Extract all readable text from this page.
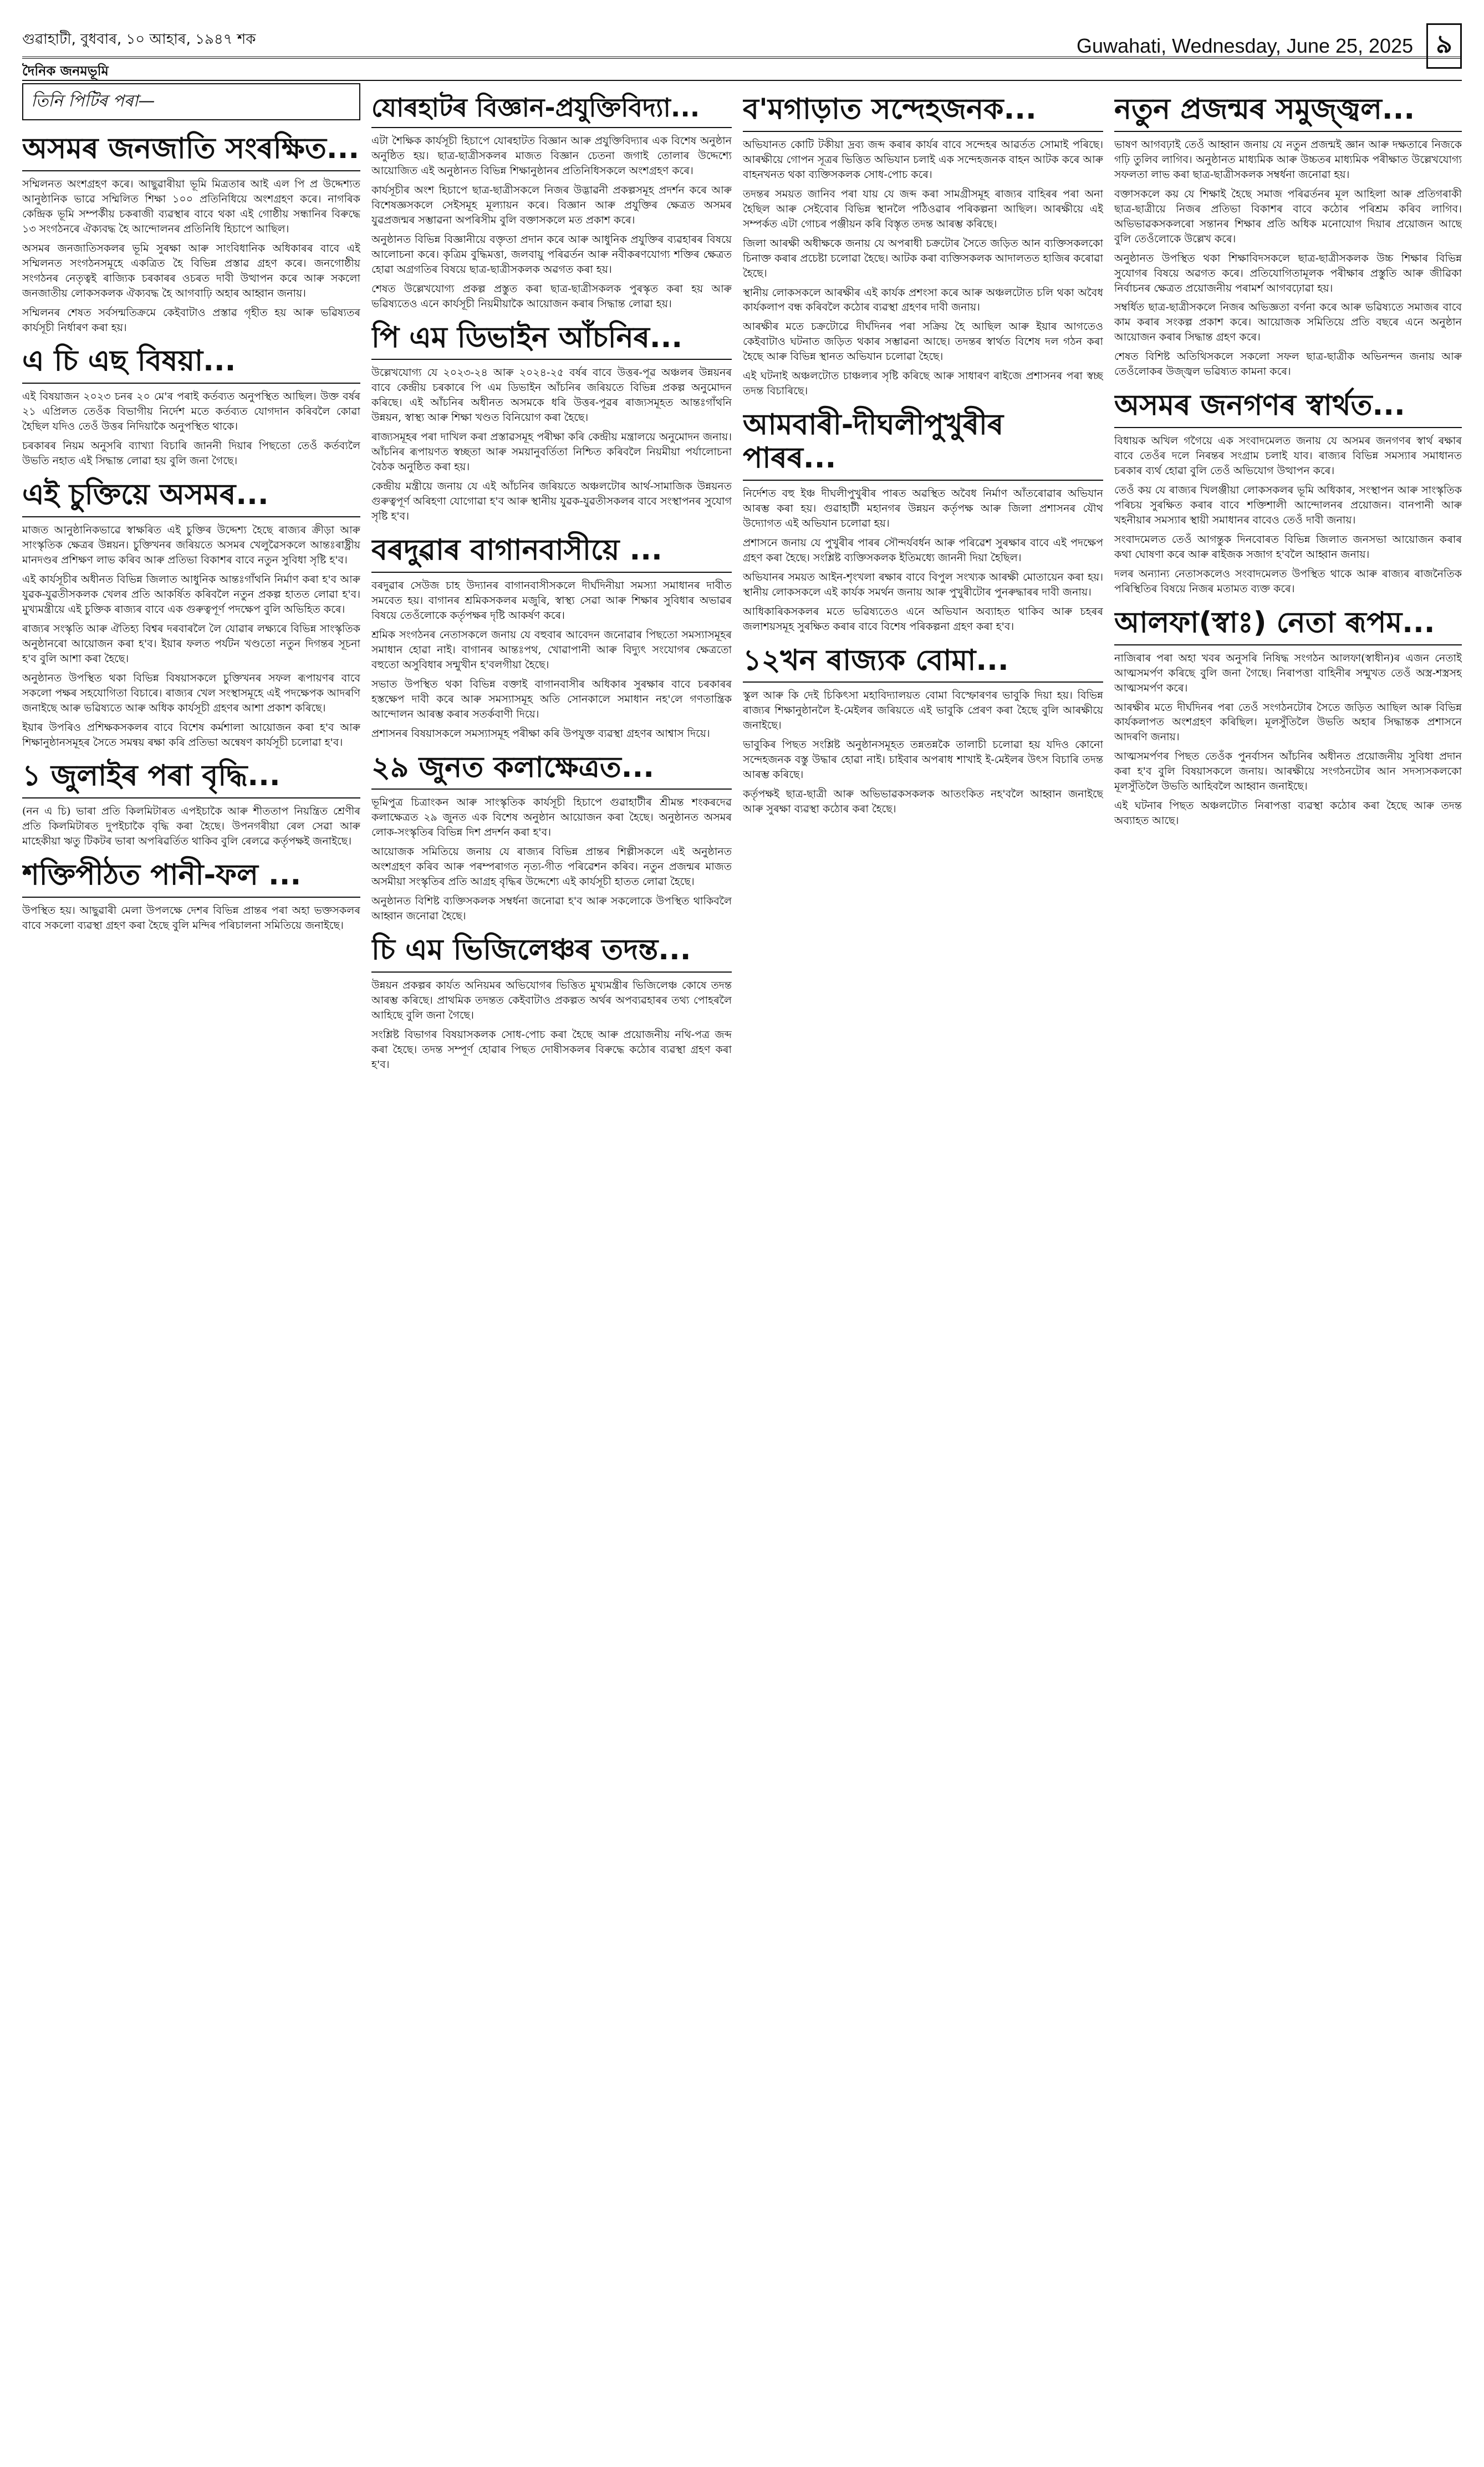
গুৱাহাটী, বুধবাৰ, ১০ আহাৰ, ১৯৪৭ শক	Guwahati, Wednesday, June 25, 2025 ৯
দৈনিক জনমভূমি
তিনি পিটিৰ পৰা—
অসমৰ জনজাতি সংৰক্ষিত...

সম্মিলনত অংশগ্ৰহণ কৰে। আছুৱাৰীয়া ভূমি মিত্ৰতাৰ আই এল পি প্ৰ উদ্দেশ্যত আনুষ্ঠানিক ভাৱে সম্মিলিত শিক্ষা ১০০ প্ৰতিনিধিয়ে অংশগ্ৰহণ কৰে। নাগৰিক কেন্দ্ৰিক ভূমি সম্পৰ্কীয় চকৰাজী ব্যৱস্থাৰ বাবে থকা এই গোষ্ঠীয় সন্ধানিৰ বিৰুদ্ধে ১৩ সংগঠনৰে ঐক্যবদ্ধ হৈ আন্দোলনৰ প্ৰতিনিধি হিচাপে আছিল।

অসমৰ জনজাতিসকলৰ ভূমি সুৰক্ষা আৰু সাংবিধানিক অধিকাৰৰ বাবে এই সম্মিলনত সংগঠনসমূহে একত্ৰিত হৈ বিভিন্ন প্ৰস্তাৱ গ্ৰহণ কৰে। জনগোষ্ঠীয় সংগঠনৰ নেতৃত্বই ৰাজ্যিক চৰকাৰৰ ওচৰত দাবী উত্থাপন কৰে আৰু সকলো জনজাতীয় লোকসকলক ঐক্যবদ্ধ হৈ আগবাঢ়ি অহাৰ আহ্বান জনায়।

সম্মিলনৰ শেষত সৰ্বসন্মতিক্ৰমে কেইবাটাও প্ৰস্তাৱ গৃহীত হয় আৰু ভৱিষ্যতৰ কাৰ্যসূচী নিৰ্ধাৰণ কৰা হয়।

এ চি এছ বিষয়া...

এই বিষয়াজন ২০২৩ চনৰ ২০ মে'ৰ পৰাই কৰ্তব্যত অনুপস্থিত আছিল। উক্ত বৰ্ষৰ ২১ এপ্ৰিলত তেওঁক বিভাগীয় নিৰ্দেশ মতে কৰ্তব্যত যোগদান কৰিবলৈ কোৱা হৈছিল যদিও তেওঁ উত্তৰ নিদিয়াকৈ অনুপস্থিত থাকে।

চৰকাৰৰ নিয়ম অনুসৰি ব্যাখ্যা বিচাৰি জাননী দিয়াৰ পিছতো তেওঁ কৰ্তব্যলৈ উভতি নহাত এই সিদ্ধান্ত লোৱা হয় বুলি জনা গৈছে।

এই চুক্তিয়ে অসমৰ...

মাজত আনুষ্ঠানিকভাৱে স্বাক্ষৰিত এই চুক্তিৰ উদ্দেশ্য হৈছে ৰাজ্যৰ ক্ৰীড়া আৰু সাংস্কৃতিক ক্ষেত্ৰৰ উন্নয়ন। চুক্তিখনৰ জৰিয়তে অসমৰ খেলুৱৈসকলে আন্তঃৰাষ্ট্ৰীয় মানদণ্ডৰ প্ৰশিক্ষণ লাভ কৰিব আৰু প্ৰতিভা বিকাশৰ বাবে নতুন সুবিধা সৃষ্টি হ'ব।

এই কাৰ্যসূচীৰ অধীনত বিভিন্ন জিলাত আধুনিক আন্তঃগাঁথনি নিৰ্মাণ কৰা হ'ব আৰু যুৱক-যুৱতীসকলক খেলৰ প্ৰতি আকৰ্ষিত কৰিবলৈ নতুন প্ৰকল্প হাতত লোৱা হ'ব। মুখ্যমন্ত্ৰীয়ে এই চুক্তিক ৰাজ্যৰ বাবে এক গুৰুত্বপূৰ্ণ পদক্ষেপ বুলি অভিহিত কৰে।

ৰাজ্যৰ সংস্কৃতি আৰু ঐতিহ্য বিশ্বৰ দৰবাৰলৈ লৈ যোৱাৰ লক্ষ্যৰে বিভিন্ন সাংস্কৃতিক অনুষ্ঠানৰো আয়োজন কৰা হ'ব। ইয়াৰ ফলত পৰ্যটন খণ্ডতো নতুন দিগন্তৰ সূচনা হ'ব বুলি আশা কৰা হৈছে।

অনুষ্ঠানত উপস্থিত থকা বিভিন্ন বিষয়াসকলে চুক্তিখনৰ সফল ৰূপায়ণৰ বাবে সকলো পক্ষৰ সহযোগিতা বিচাৰে। ৰাজ্যৰ খেল সংস্থাসমূহে এই পদক্ষেপক আদৰণি জনাইছে আৰু ভৱিষ্যতে আৰু অধিক কাৰ্যসূচী গ্ৰহণৰ আশা প্ৰকাশ কৰিছে।

ইয়াৰ উপৰিও প্ৰশিক্ষকসকলৰ বাবে বিশেষ কৰ্মশালা আয়োজন কৰা হ'ব আৰু শিক্ষানুষ্ঠানসমূহৰ সৈতে সমন্বয় ৰক্ষা কৰি প্ৰতিভা অন্বেষণ কাৰ্যসূচী চলোৱা হ'ব।

১ জুলাইৰ পৰা বৃদ্ধি...

(নন এ চি) ভাৰা প্ৰতি কিলমিটাৰত এপইচাকৈ আৰু শীততাপ নিয়ন্ত্ৰিত শ্ৰেণীৰ প্ৰতি কিলমিটাৰত দুপইচাকৈ বৃদ্ধি কৰা হৈছে। উপনগৰীয়া ৰেল সেৱা আৰু মাহেকীয়া ঋতু টিকটৰ ভাৰা অপৰিৱৰ্তিত থাকিব বুলি ৰেলৱে কৰ্তৃপক্ষই জনাইছে।

শক্তিপীঠত পানী-ফল ...

উপস্থিত হয়। আছুৱাৰী মেলা উপলক্ষে দেশৰ বিভিন্ন প্ৰান্তৰ পৰা অহা ভক্তসকলৰ বাবে সকলো ব্যৱস্থা গ্ৰহণ কৰা হৈছে বুলি মন্দিৰ পৰিচালনা সমিতিয়ে জনাইছে।

যোৰহাটৰ বিজ্ঞান-প্ৰযুক্তিবিদ্যা...

এটা শৈক্ষিক কাৰ্যসূচী হিচাপে যোৰহাটত বিজ্ঞান আৰু প্ৰযুক্তিবিদ্যাৰ এক বিশেষ অনুষ্ঠান অনুষ্ঠিত হয়। ছাত্ৰ-ছাত্ৰীসকলৰ মাজত বিজ্ঞান চেতনা জগাই তোলাৰ উদ্দেশ্যে আয়োজিত এই অনুষ্ঠানত বিভিন্ন শিক্ষানুষ্ঠানৰ প্ৰতিনিধিসকলে অংশগ্ৰহণ কৰে।

কাৰ্যসূচীৰ অংশ হিচাপে ছাত্ৰ-ছাত্ৰীসকলে নিজৰ উদ্ভাৱনী প্ৰকল্পসমূহ প্ৰদৰ্শন কৰে আৰু বিশেষজ্ঞসকলে সেইসমূহ মূল্যায়ন কৰে। বিজ্ঞান আৰু প্ৰযুক্তিৰ ক্ষেত্ৰত অসমৰ যুৱপ্ৰজন্মৰ সম্ভাৱনা অপৰিসীম বুলি বক্তাসকলে মত প্ৰকাশ কৰে।

অনুষ্ঠানত বিভিন্ন বিজ্ঞানীয়ে বক্তৃতা প্ৰদান কৰে আৰু আধুনিক প্ৰযুক্তিৰ ব্যৱহাৰৰ বিষয়ে আলোচনা কৰে। কৃত্ৰিম বুদ্ধিমত্তা, জলবায়ু পৰিৱৰ্তন আৰু নবীকৰণযোগ্য শক্তিৰ ক্ষেত্ৰত হোৱা অগ্ৰগতিৰ বিষয়ে ছাত্ৰ-ছাত্ৰীসকলক অৱগত কৰা হয়।

শেষত উল্লেখযোগ্য প্ৰকল্প প্ৰস্তুত কৰা ছাত্ৰ-ছাত্ৰীসকলক পুৰস্কৃত কৰা হয় আৰু ভৱিষ্যতেও এনে কাৰ্যসূচী নিয়মীয়াকৈ আয়োজন কৰাৰ সিদ্ধান্ত লোৱা হয়।

পি এম ডিভাইন আঁচনিৰ...

উল্লেখযোগ্য যে ২০২৩-২৪ আৰু ২০২৪-২৫ বৰ্ষৰ বাবে উত্তৰ-পূৱ অঞ্চলৰ উন্নয়নৰ বাবে কেন্দ্ৰীয় চৰকাৰে পি এম ডিভাইন আঁচনিৰ জৰিয়তে বিভিন্ন প্ৰকল্প অনুমোদন কৰিছে। এই আঁচনিৰ অধীনত অসমকে ধৰি উত্তৰ-পূৱৰ ৰাজ্যসমূহত আন্তঃগাঁথনি উন্নয়ন, স্বাস্থ্য আৰু শিক্ষা খণ্ডত বিনিয়োগ কৰা হৈছে।

ৰাজ্যসমূহৰ পৰা দাখিল কৰা প্ৰস্তাৱসমূহ পৰীক্ষা কৰি কেন্দ্ৰীয় মন্ত্ৰালয়ে অনুমোদন জনায়। আঁচনিৰ ৰূপায়ণত স্বচ্ছতা আৰু সময়ানুবৰ্তিতা নিশ্চিত কৰিবলৈ নিয়মীয়া পৰ্যালোচনা বৈঠক অনুষ্ঠিত কৰা হয়।

কেন্দ্ৰীয় মন্ত্ৰীয়ে জনায় যে এই আঁচনিৰ জৰিয়তে অঞ্চলটোৰ আৰ্থ-সামাজিক উন্নয়নত গুৰুত্বপূৰ্ণ অৰিহণা যোগোৱা হ'ব আৰু স্থানীয় যুৱক-যুৱতীসকলৰ বাবে সংস্থাপনৰ সুযোগ সৃষ্টি হ'ব।

বৰদুৱাৰ বাগানবাসীয়ে ...

বৰদুৱাৰ সেউজ চাহ উদ্যানৰ বাগানবাসীসকলে দীৰ্ঘদিনীয়া সমস্যা সমাধানৰ দাবীত সমবেত হয়। বাগানৰ শ্ৰমিকসকলৰ মজুৰি, স্বাস্থ্য সেৱা আৰু শিক্ষাৰ সুবিধাৰ অভাৱৰ বিষয়ে তেওঁলোকে কৰ্তৃপক্ষৰ দৃষ্টি আকৰ্ষণ কৰে।

শ্ৰমিক সংগঠনৰ নেতাসকলে জনায় যে বহুবাৰ আবেদন জনোৱাৰ পিছতো সমস্যাসমূহৰ সমাধান হোৱা নাই। বাগানৰ আন্তঃপথ, খোৱাপানী আৰু বিদ্যুৎ সংযোগৰ ক্ষেত্ৰতো বহুতো অসুবিধাৰ সন্মুখীন হ'বলগীয়া হৈছে।

সভাত উপস্থিত থকা বিভিন্ন বক্তাই বাগানবাসীৰ অধিকাৰ সুৰক্ষাৰ বাবে চৰকাৰৰ হস্তক্ষেপ দাবী কৰে আৰু সমস্যাসমূহ অতি সোনকালে সমাধান নহ'লে গণতান্ত্ৰিক আন্দোলন আৰম্ভ কৰাৰ সতৰ্কবাণী দিয়ে।

প্ৰশাসনৰ বিষয়াসকলে সমস্যাসমূহ পৰীক্ষা কৰি উপযুক্ত ব্যৱস্থা গ্ৰহণৰ আশ্বাস দিয়ে।

২৯ জুনত কলাক্ষেত্ৰত...

ভূমিপুত্ৰ চিত্ৰাংকন আৰু সাংস্কৃতিক কাৰ্যসূচী হিচাপে গুৱাহাটীৰ শ্ৰীমন্ত শংকৰদেৱ কলাক্ষেত্ৰত ২৯ জুনত এক বিশেষ অনুষ্ঠান আয়োজন কৰা হৈছে। অনুষ্ঠানত অসমৰ লোক-সংস্কৃতিৰ বিভিন্ন দিশ প্ৰদৰ্শন কৰা হ'ব।

আয়োজক সমিতিয়ে জনায় যে ৰাজ্যৰ বিভিন্ন প্ৰান্তৰ শিল্পীসকলে এই অনুষ্ঠানত অংশগ্ৰহণ কৰিব আৰু পৰম্পৰাগত নৃত্য-গীত পৰিৱেশন কৰিব। নতুন প্ৰজন্মৰ মাজত অসমীয়া সংস্কৃতিৰ প্ৰতি আগ্ৰহ বৃদ্ধিৰ উদ্দেশ্যে এই কাৰ্যসূচী হাতত লোৱা হৈছে।

অনুষ্ঠানত বিশিষ্ট ব্যক্তিসকলক সম্বৰ্ধনা জনোৱা হ'ব আৰু সকলোকে উপস্থিত থাকিবলৈ আহ্বান জনোৱা হৈছে।

চি এম ভিজিলেঞ্চৰ তদন্ত...

উন্নয়ন প্ৰকল্পৰ কাৰ্যত অনিয়মৰ অভিযোগৰ ভিত্তিত মুখ্যমন্ত্ৰীৰ ভিজিলেঞ্চ কোষে তদন্ত আৰম্ভ কৰিছে। প্ৰাথমিক তদন্তত কেইবাটাও প্ৰকল্পত অৰ্থৰ অপব্যৱহাৰৰ তথ্য পোহৰলৈ আহিছে বুলি জনা গৈছে।

সংশ্লিষ্ট বিভাগৰ বিষয়াসকলক সোধ-পোচ কৰা হৈছে আৰু প্ৰয়োজনীয় নথি-পত্ৰ জব্দ কৰা হৈছে। তদন্ত সম্পূৰ্ণ হোৱাৰ পিছত দোষীসকলৰ বিৰুদ্ধে কঠোৰ ব্যৱস্থা গ্ৰহণ কৰা হ'ব।

ব'মগাড়াত সন্দেহজনক...

অভিযানত কোটি টকীয়া দ্ৰব্য জব্দ কৰাৰ কাৰ্যৰ বাবে সন্দেহৰ আৱৰ্তত সোমাই পৰিছে। আৰক্ষীয়ে গোপন সূত্ৰৰ ভিত্তিত অভিযান চলাই এক সন্দেহজনক বাহন আটক কৰে আৰু বাহনখনত থকা ব্যক্তিসকলক সোধ-পোচ কৰে।

তদন্তৰ সময়ত জানিব পৰা যায় যে জব্দ কৰা সামগ্ৰীসমূহ ৰাজ্যৰ বাহিৰৰ পৰা অনা হৈছিল আৰু সেইবোৰ বিভিন্ন স্থানলৈ পঠিওৱাৰ পৰিকল্পনা আছিল। আৰক্ষীয়ে এই সম্পৰ্কত এটা গোচৰ পঞ্জীয়ন কৰি বিস্তৃত তদন্ত আৰম্ভ কৰিছে।

জিলা আৰক্ষী অধীক্ষকে জনায় যে অপৰাধী চক্ৰটোৰ সৈতে জড়িত আন ব্যক্তিসকলকো চিনাক্ত কৰাৰ প্ৰচেষ্টা চলোৱা হৈছে। আটক কৰা ব্যক্তিসকলক আদালতত হাজিৰ কৰোৱা হৈছে।

স্থানীয় লোকসকলে আৰক্ষীৰ এই কাৰ্যক প্ৰশংসা কৰে আৰু অঞ্চলটোত চলি থকা অবৈধ কাৰ্যকলাপ বন্ধ কৰিবলৈ কঠোৰ ব্যৱস্থা গ্ৰহণৰ দাবী জনায়।

আৰক্ষীৰ মতে চক্ৰটোৱে দীৰ্ঘদিনৰ পৰা সক্ৰিয় হৈ আছিল আৰু ইয়াৰ আগতেও কেইবাটাও ঘটনাত জড়িত থকাৰ সম্ভাৱনা আছে। তদন্তৰ স্বাৰ্থত বিশেষ দল গঠন কৰা হৈছে আৰু বিভিন্ন স্থানত অভিযান চলোৱা হৈছে।

এই ঘটনাই অঞ্চলটোত চাঞ্চল্যৰ সৃষ্টি কৰিছে আৰু সাধাৰণ ৰাইজে প্ৰশাসনৰ পৰা স্বচ্ছ তদন্ত বিচাৰিছে।

আমবাৰী-দীঘলীপুখুৰীৰ পাৰৰ...

নিৰ্দেশত বহু ইঞ্চ দীঘলীপুখুৰীৰ পাৰত অৱস্থিত অবৈধ নিৰ্মাণ আঁতৰোৱাৰ অভিযান আৰম্ভ কৰা হয়। গুৱাহাটী মহানগৰ উন্নয়ন কৰ্তৃপক্ষ আৰু জিলা প্ৰশাসনৰ যৌথ উদ্যোগত এই অভিযান চলোৱা হয়।

প্ৰশাসনে জনায় যে পুখুৰীৰ পাৰৰ সৌন্দৰ্যবৰ্ধন আৰু পৰিৱেশ সুৰক্ষাৰ বাবে এই পদক্ষেপ গ্ৰহণ কৰা হৈছে। সংশ্লিষ্ট ব্যক্তিসকলক ইতিমধ্যে জাননী দিয়া হৈছিল।

অভিযানৰ সময়ত আইন-শৃংখলা ৰক্ষাৰ বাবে বিপুল সংখ্যক আৰক্ষী মোতায়েন কৰা হয়। স্থানীয় লোকসকলে এই কাৰ্যক সমৰ্থন জনায় আৰু পুখুৰীটোৰ পুনৰুদ্ধাৰৰ দাবী জনায়।

আধিকাৰিকসকলৰ মতে ভৱিষ্যতেও এনে অভিযান অব্যাহত থাকিব আৰু চহৰৰ জলাশয়সমূহ সুৰক্ষিত কৰাৰ বাবে বিশেষ পৰিকল্পনা গ্ৰহণ কৰা হ'ব।

১২খন ৰাজ্যক বোমা...

স্কুল আৰু কি দেই চিকিৎসা মহাবিদ্যালয়ত বোমা বিস্ফোৰণৰ ভাবুকি দিয়া হয়। বিভিন্ন ৰাজ্যৰ শিক্ষানুষ্ঠানলৈ ই-মেইলৰ জৰিয়তে এই ভাবুকি প্ৰেৰণ কৰা হৈছে বুলি আৰক্ষীয়ে জনাইছে।

ভাবুকিৰ পিছত সংশ্লিষ্ট অনুষ্ঠানসমূহত তন্নতন্নকৈ তালাচী চলোৱা হয় যদিও কোনো সন্দেহজনক বস্তু উদ্ধাৰ হোৱা নাই। চাইবাৰ অপৰাধ শাখাই ই-মেইলৰ উৎস বিচাৰি তদন্ত আৰম্ভ কৰিছে।

কৰ্তৃপক্ষই ছাত্ৰ-ছাত্ৰী আৰু অভিভাৱকসকলক আতংকিত নহ'বলৈ আহ্বান জনাইছে আৰু সুৰক্ষা ব্যৱস্থা কঠোৰ কৰা হৈছে।

নতুন প্ৰজন্মৰ সমুজ্জ্বল...

ভাষণ আগবঢ়াই তেওঁ আহ্বান জনায় যে নতুন প্ৰজন্মই জ্ঞান আৰু দক্ষতাৰে নিজকে গঢ়ি তুলিব লাগিব। অনুষ্ঠানত মাধ্যমিক আৰু উচ্চতৰ মাধ্যমিক পৰীক্ষাত উল্লেখযোগ্য সফলতা লাভ কৰা ছাত্ৰ-ছাত্ৰীসকলক সম্বৰ্ধনা জনোৱা হয়।

বক্তাসকলে কয় যে শিক্ষাই হৈছে সমাজ পৰিৱৰ্তনৰ মূল আহিলা আৰু প্ৰতিগৰাকী ছাত্ৰ-ছাত্ৰীয়ে নিজৰ প্ৰতিভা বিকাশৰ বাবে কঠোৰ পৰিশ্ৰম কৰিব লাগিব। অভিভাৱকসকলৰো সন্তানৰ শিক্ষাৰ প্ৰতি অধিক মনোযোগ দিয়াৰ প্ৰয়োজন আছে বুলি তেওঁলোকে উল্লেখ কৰে।

অনুষ্ঠানত উপস্থিত থকা শিক্ষাবিদসকলে ছাত্ৰ-ছাত্ৰীসকলক উচ্চ শিক্ষাৰ বিভিন্ন সুযোগৰ বিষয়ে অৱগত কৰে। প্ৰতিযোগিতামূলক পৰীক্ষাৰ প্ৰস্তুতি আৰু জীৱিকা নিৰ্বাচনৰ ক্ষেত্ৰত প্ৰয়োজনীয় পৰামৰ্শ আগবঢ়োৱা হয়।

সম্বৰ্ধিত ছাত্ৰ-ছাত্ৰীসকলে নিজৰ অভিজ্ঞতা বৰ্ণনা কৰে আৰু ভৱিষ্যতে সমাজৰ বাবে কাম কৰাৰ সংকল্প প্ৰকাশ কৰে। আয়োজক সমিতিয়ে প্ৰতি বছৰে এনে অনুষ্ঠান আয়োজন কৰাৰ সিদ্ধান্ত গ্ৰহণ কৰে।

শেষত বিশিষ্ট অতিথিসকলে সকলো সফল ছাত্ৰ-ছাত্ৰীক অভিনন্দন জনায় আৰু তেওঁলোকৰ উজ্জ্বল ভৱিষ্যত কামনা কৰে।

অসমৰ জনগণৰ স্বাৰ্থত...

বিধায়ক অখিল গগৈয়ে এক সংবাদমেলত জনায় যে অসমৰ জনগণৰ স্বাৰ্থ ৰক্ষাৰ বাবে তেওঁৰ দলে নিৰন্তৰ সংগ্ৰাম চলাই যাব। ৰাজ্যৰ বিভিন্ন সমস্যাৰ সমাধানত চৰকাৰ ব্যৰ্থ হোৱা বুলি তেওঁ অভিযোগ উত্থাপন কৰে।

তেওঁ কয় যে ৰাজ্যৰ খিলঞ্জীয়া লোকসকলৰ ভূমি অধিকাৰ, সংস্থাপন আৰু সাংস্কৃতিক পৰিচয় সুৰক্ষিত কৰাৰ বাবে শক্তিশালী আন্দোলনৰ প্ৰয়োজন। বানপানী আৰু খহনীয়াৰ সমস্যাৰ স্থায়ী সমাধানৰ বাবেও তেওঁ দাবী জনায়।

সংবাদমেলত তেওঁ আগন্তুক দিনবোৰত বিভিন্ন জিলাত জনসভা আয়োজন কৰাৰ কথা ঘোষণা কৰে আৰু ৰাইজক সজাগ হ'বলৈ আহ্বান জনায়।

দলৰ অন্যান্য নেতাসকলেও সংবাদমেলত উপস্থিত থাকে আৰু ৰাজ্যৰ ৰাজনৈতিক পৰিস্থিতিৰ বিষয়ে নিজৰ মতামত ব্যক্ত কৰে।

আলফা(স্বাঃ) নেতা ৰূপম...

নাজিৰাৰ পৰা অহা খবৰ অনুসৰি নিষিদ্ধ সংগঠন আলফা(স্বাধীন)ৰ এজন নেতাই আত্মসমৰ্পণ কৰিছে বুলি জনা গৈছে। নিৰাপত্তা বাহিনীৰ সন্মুখত তেওঁ অস্ত্ৰ-শস্ত্ৰসহ আত্মসমৰ্পণ কৰে।

আৰক্ষীৰ মতে দীৰ্ঘদিনৰ পৰা তেওঁ সংগঠনটোৰ সৈতে জড়িত আছিল আৰু বিভিন্ন কাৰ্যকলাপত অংশগ্ৰহণ কৰিছিল। মূলসুঁতিলৈ উভতি অহাৰ সিদ্ধান্তক প্ৰশাসনে আদৰণি জনায়।

আত্মসমৰ্পণৰ পিছত তেওঁক পুনৰ্বাসন আঁচনিৰ অধীনত প্ৰয়োজনীয় সুবিধা প্ৰদান কৰা হ'ব বুলি বিষয়াসকলে জনায়। আৰক্ষীয়ে সংগঠনটোৰ আন সদস্যসকলকো মূলসুঁতিলৈ উভতি আহিবলৈ আহ্বান জনাইছে।

এই ঘটনাৰ পিছত অঞ্চলটোত নিৰাপত্তা ব্যৱস্থা কঠোৰ কৰা হৈছে আৰু তদন্ত অব্যাহত আছে।
